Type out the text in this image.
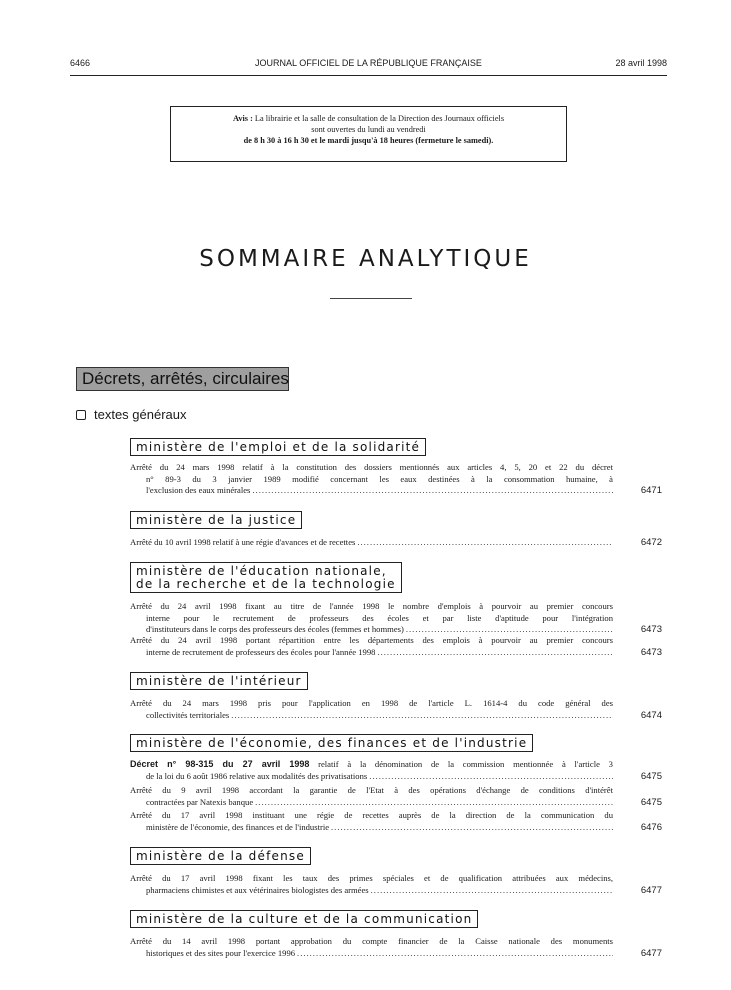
JOURNAL OFFICIEL DE LA RÉPUBLIQUE FRANÇAISE
6466	28 avril 1998
Avis : La librairie et la salle de consultation de la Direction des Journaux officiels
sont ouvertes du lundi au vendredi
de 8 h 30 à 16 h 30 et le mardi jusqu'à 18 heures (fermeture le samedi).
SOMMAIRE ANALYTIQUE
Décrets, arrêtés, circulaires
textes généraux
ministère de l'emploi et de la solidarité
Arrêté du 24 mars 1998 relatif à la constitution des dossiers mentionnés aux articles 4, 5, 20 et 22 du décret
n° 89-3 du 3 janvier 1989 modifié concernant les eaux destinées à la consommation humaine, à
l'exclusion des eaux minérales .....	6471
ministère de la justice
Arrêté du 10 avril 1998 relatif à une régie d'avances et de recettes .....	6472
ministère de l'éducation nationale,
de la recherche et de la technologie
Arrêté du 24 avril 1998 fixant au titre de l'année 1998 le nombre d'emplois à pourvoir au premier concours
interne pour le recrutement de professeurs des écoles et par liste d'aptitude pour l'intégration
d'instituteurs dans le corps des professeurs des écoles (femmes et hommes) .....	6473
Arrêté du 24 avril 1998 portant répartition entre les départements des emplois à pourvoir au premier concours
interne de recrutement de professeurs des écoles pour l'année 1998 .....	6473
ministère de l'intérieur
Arrêté du 24 mars 1998 pris pour l'application en 1998 de l'article L. 1614-4 du code général des
collectivités territoriales .....	6474
ministère de l'économie, des finances et de l'industrie
Décret n° 98-315 du 27 avril 1998 relatif à la dénomination de la commission mentionnée à l'article 3
de la loi du 6 août 1986 relative aux modalités des privatisations .....	6475
Arrêté du 9 avril 1998 accordant la garantie de l'Etat à des opérations d'échange de conditions d'intérêt
contractées par Natexis banque .....	6475
Arrêté du 17 avril 1998 instituant une régie de recettes auprès de la direction de la communication du
ministère de l'économie, des finances et de l'industrie .....	6476
ministère de la défense
Arrêté du 17 avril 1998 fixant les taux des primes spéciales et de qualification attribuées aux médecins,
pharmaciens chimistes et aux vétérinaires biologistes des armées .....	6477
ministère de la culture et de la communication
Arrêté du 14 avril 1998 portant approbation du compte financier de la Caisse nationale des monuments
historiques et des sites pour l'exercice 1996 .....	6477
